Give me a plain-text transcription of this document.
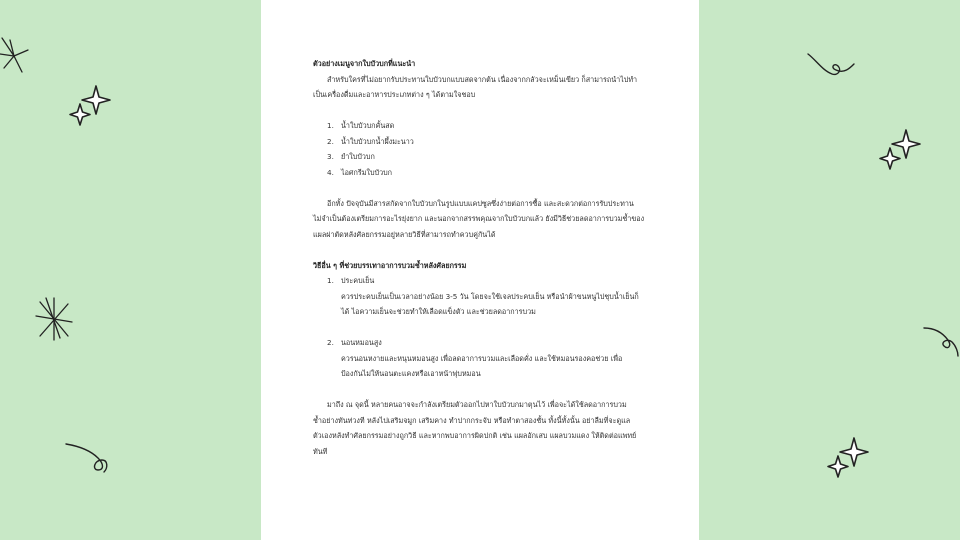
ตัวอย่างเมนูจากใบบัวบกที่แนะนำ

สำหรับใครที่ไม่อยากรับประทานใบบัวบกแบบสดจากต้น เนื่องจากกลัวจะเหม็นเขียว ก็สามารถนำไปทำ

เป็นเครื่องดื่มและอาหารประเภทต่าง ๆ ได้ตามใจชอบ

1. น้ำใบบัวบกคั้นสด
2. น้ำใบบัวบกน้ำผึ้งมะนาว
3. ยำใบบัวบก
4. ไอศกรีมใบบัวบก

อีกทั้ง ปัจจุบันมีสารสกัดจากใบบัวบกในรูปแบบแคปซูลซึ่งง่ายต่อการซื้อ และสะดวกต่อการรับประทาน

ไม่จำเป็นต้องเตรียมการอะไรยุ่งยาก และนอกจากสรรพคุณจากใบบัวบกแล้ว ยังมีวิธีช่วยลดอาการบวมช้ำของ

แผลผ่าตัดหลังศัลยกรรมอยู่หลายวิธีที่สามารถทำควบคู่กันได้

วิธีอื่น ๆ ที่ช่วยบรรเทาอาการบวมช้ำหลังศัลยกรรม

1. ประคบเย็น

ควรประคบเย็นเป็นเวลาอย่างน้อย 3-5 วัน โดยจะใช้เจลประคบเย็น หรือนำผ้าขนหนูไปชุบน้ำเย็นก็

ได้ ไอความเย็นจะช่วยทำให้เลือดแข็งตัว และช่วยลดอาการบวม

2. นอนหมอนสูง

ควรนอนหงายและหนุนหมอนสูง เพื่อลดอาการบวมและเลือดคั่ง และใช้หมอนรองคอช่วย เพื่อ

ป้องกันไม่ให้นอนตะแคงหรือเอาหน้าฟุบหมอน

มาถึง ณ จุดนี้ หลายคนอาจจะกำลังเตรียมตัวออกไปหาใบบัวบกมาตุนไว้ เพื่อจะได้ใช้ลดอาการบวม

ช้ำอย่างทันท่วงที หลังไปเสริมจมูก เสริมคาง ทำปากกระจับ หรือทำตาสองชั้น ทั้งนี้ทั้งนั้น อย่าลืมที่จะดูแล

ตัวเองหลังทำศัลยกรรมอย่างถูกวิธี และหากพบอาการผิดปกติ เช่น แผลอักเสบ แผลบวมแดง ให้ติดต่อแพทย์

ทันที
